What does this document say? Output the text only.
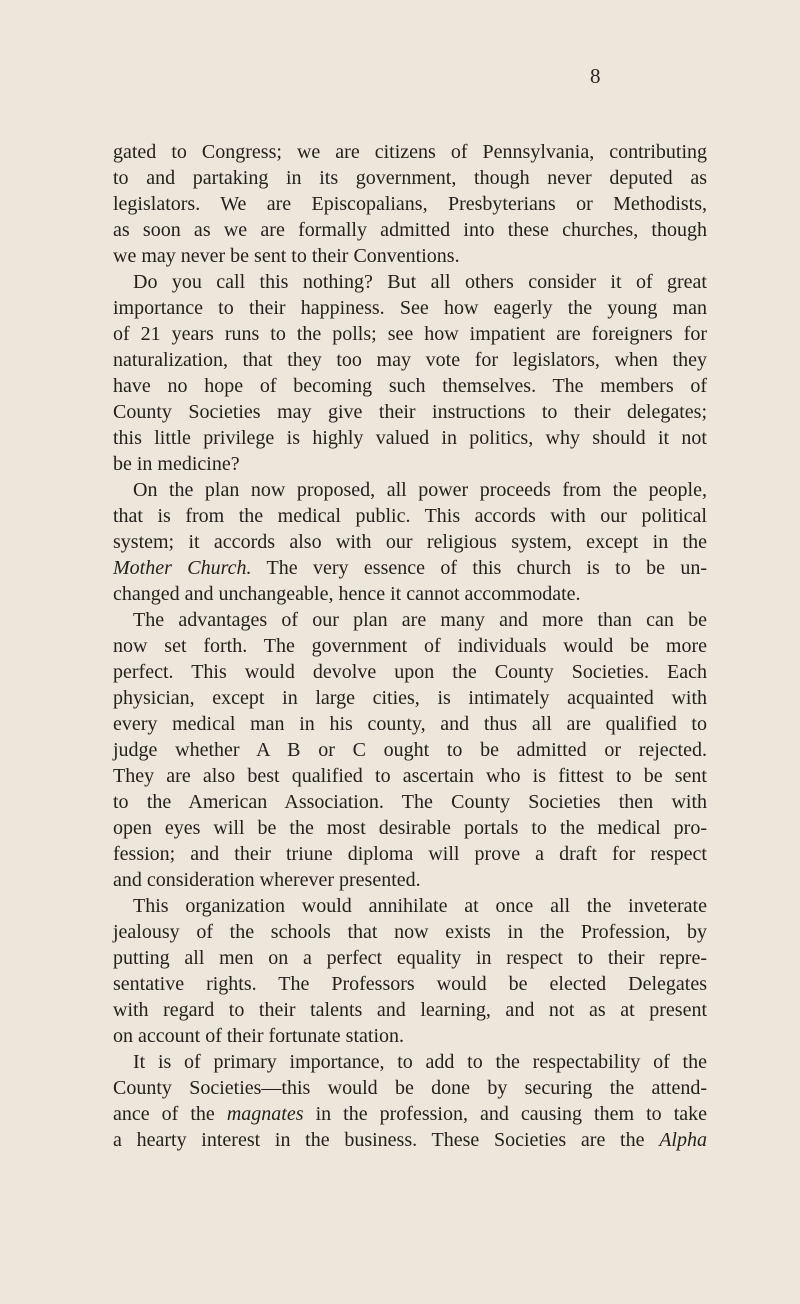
8
gated to Congress; we are citizens of Pennsylvania, contributing
to and partaking in its government, though never deputed as
legislators. We are Episcopalians, Presbyterians or Methodists,
as soon as we are formally admitted into these churches, though
we may never be sent to their Conventions.
Do you call this nothing? But all others consider it of great
importance to their happiness. See how eagerly the young man
of 21 years runs to the polls; see how impatient are foreigners for
naturalization, that they too may vote for legislators, when they
have no hope of becoming such themselves. The members of
County Societies may give their instructions to their delegates;
this little privilege is highly valued in politics, why should it not
be in medicine?
On the plan now proposed, all power proceeds from the people,
that is from the medical public. This accords with our political
system; it accords also with our religious system, except in the
Mother Church. The very essence of this church is to be un-
changed and unchangeable, hence it cannot accommodate.
The advantages of our plan are many and more than can be
now set forth. The government of individuals would be more
perfect. This would devolve upon the County Societies. Each
physician, except in large cities, is intimately acquainted with
every medical man in his county, and thus all are qualified to
judge whether A B or C ought to be admitted or rejected.
They are also best qualified to ascertain who is fittest to be sent
to the American Association. The County Societies then with
open eyes will be the most desirable portals to the medical pro-
fession; and their triune diploma will prove a draft for respect
and consideration wherever presented.
This organization would annihilate at once all the inveterate
jealousy of the schools that now exists in the Profession, by
putting all men on a perfect equality in respect to their repre-
sentative rights. The Professors would be elected Delegates
with regard to their talents and learning, and not as at present
on account of their fortunate station.
It is of primary importance, to add to the respectability of the
County Societies—this would be done by securing the attend-
ance of the magnates in the profession, and causing them to take
a hearty interest in the business. These Societies are the Alpha
